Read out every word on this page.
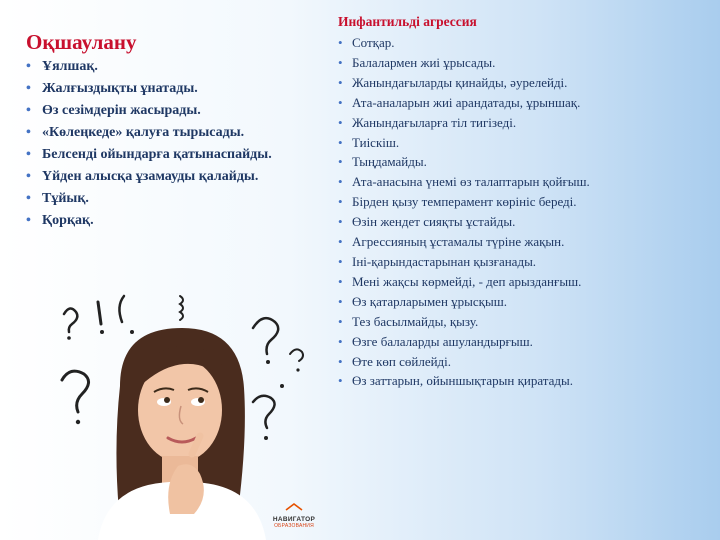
Оқшаулану
• Ұялшақ.
• Жалғыздықты ұнатады.
• Өз сезімдерін жасырады.
• «Көлеңкеде» қалуға тырысады.
• Белсенді ойындарға қатынаспайды.
• Үйден алысқа ұзамауды қалайды.
• Тұйық.
• Қорқақ.
Инфантильді агрессия
• Сотқар.
• Балалармен жиі ұрысады.
• Жанындағыларды қинайды, әурелейді.
• Ата-аналарын жиі арандатады, ұрыншақ.
• Жанындағыларға тіл тигізеді.
• Тиіскіш.
• Тыңдамайды.
• Ата-анасына үнемі өз талаптарын қойғыш.
• Бірден қызу темперамент көрініс береді.
• Өзін жендет сияқты ұстайды.
• Агрессияның ұстамалы түріне жақын.
• Іні-қарындастарынан қызғанады.
• Мені жақсы көрмейді, - деп арызданғыш.
• Өз қатарларымен ұрысқыш.
• Тез басылмайды, қызу.
• Өзге балаларды ашуландырғыш.
• Өте көп сөйлейді.
• Өз заттарын, ойыншықтарын қиратады.
НАВИГАТОР
ОБРАЗОВАНИЯ
